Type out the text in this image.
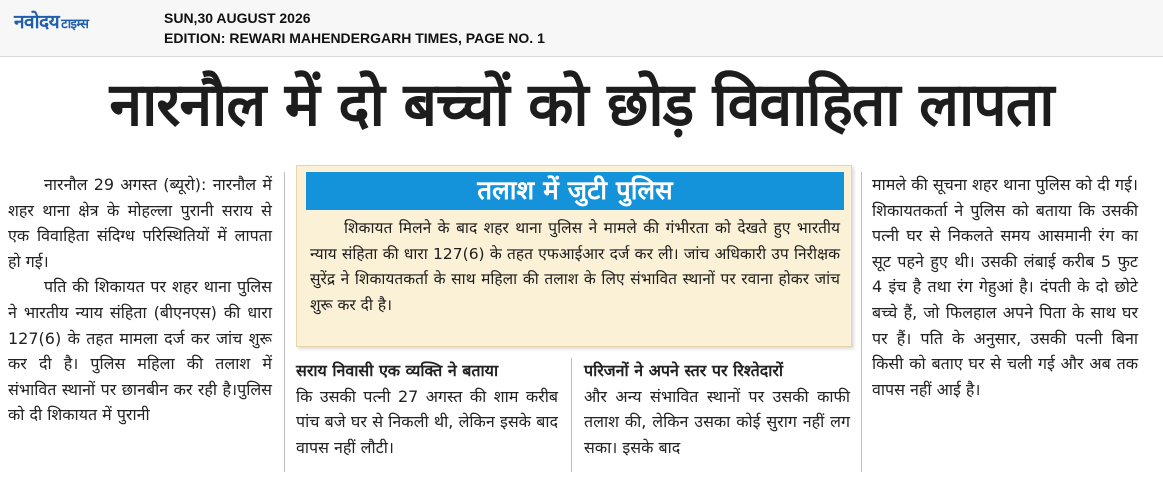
नवोदय टाइम्स	SUN,30 AUGUST 2026
EDITION: REWARI MAHENDERGARH TIMES, PAGE NO. 1
नारनौल में दो बच्चों को छोड़ विवाहिता लापता

नारनौल 29 अगस्त (ब्यूरो): नारनौल में शहर थाना क्षेत्र के मोहल्ला पुरानी सराय से एक विवाहिता संदिग्ध परिस्थितियों में लापता हो गई।

पति की शिकायत पर शहर थाना पुलिस ने भारतीय न्याय संहिता (बीएनएस) की धारा 127(6) के तहत मामला दर्ज कर जांच शुरू कर दी है। पुलिस महिला की तलाश में संभावित स्थानों पर छानबीन कर रही है।पुलिस को दी शिकायत में पुरानी

तलाश में जुटी पुलिस
शिकायत मिलने के बाद शहर थाना पुलिस ने मामले की गंभीरता को देखते हुए भारतीय न्याय संहिता की धारा 127(6) के तहत एफआईआर दर्ज कर ली। जांच अधिकारी उप निरीक्षक सुरेंद्र ने शिकायतकर्ता के साथ महिला की तलाश के लिए संभावित स्थानों पर रवाना होकर जांच शुरू कर दी है।

सराय निवासी एक व्यक्ति ने बताया

कि उसकी पत्नी 27 अगस्त की शाम करीब पांच बजे घर से निकली थी, लेकिन इसके बाद वापस नहीं लौटी।

परिजनों ने अपने स्तर पर रिश्तेदारों

और अन्य संभावित स्थानों पर उसकी काफी तलाश की, लेकिन उसका कोई सुराग नहीं लग सका। इसके बाद

मामले की सूचना शहर थाना पुलिस को दी गई। शिकायतकर्ता ने पुलिस को बताया कि उसकी पत्नी घर से निकलते समय आसमानी रंग का सूट पहने हुए थी। उसकी लंबाई करीब 5 फुट 4 इंच है तथा रंग गेहुआं है। दंपती के दो छोटे बच्चे हैं, जो फिलहाल अपने पिता के साथ घर पर हैं। पति के अनुसार, उसकी पत्नी बिना किसी को बताए घर से चली गई और अब तक वापस नहीं आई है।
